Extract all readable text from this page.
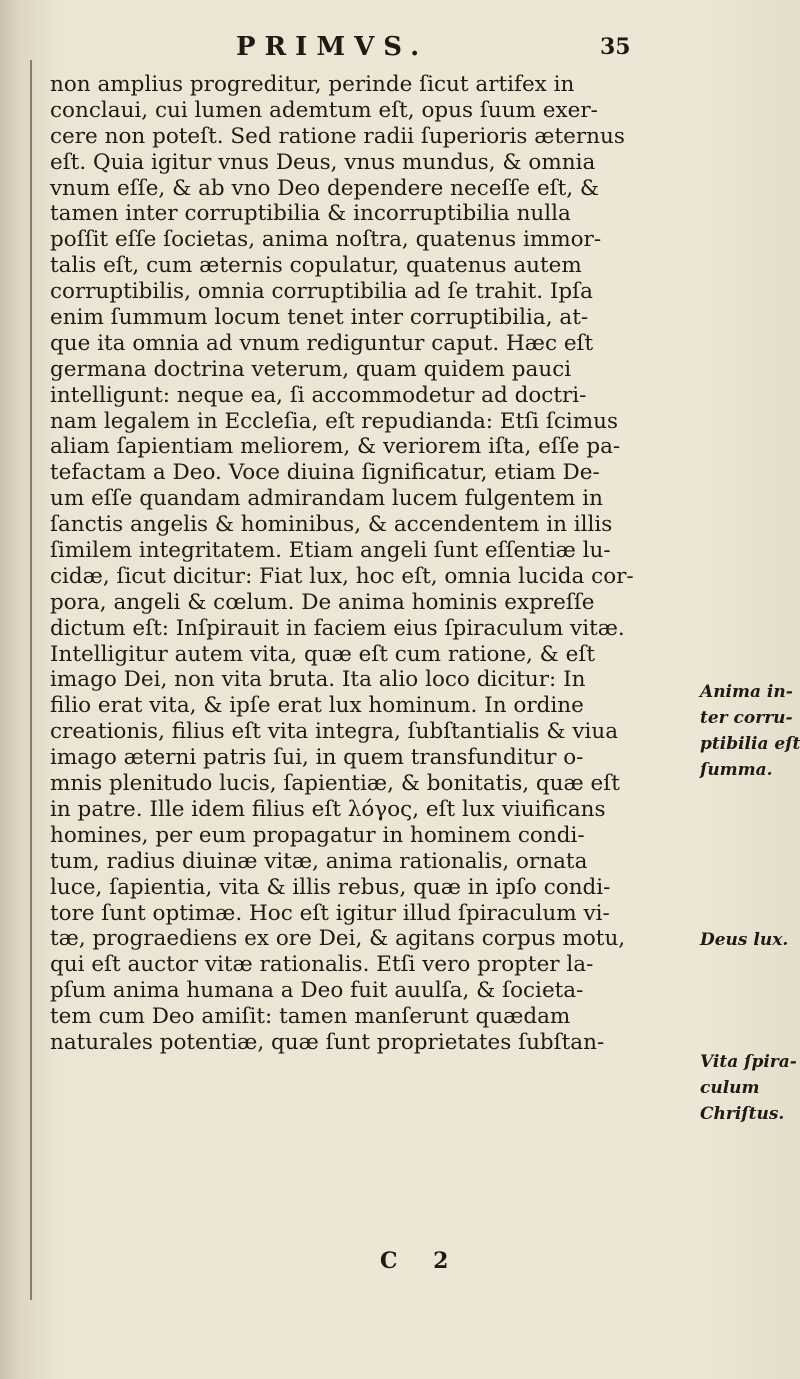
PRIMVS.	35
non amplius progreditur, perinde ſicut artifex in
conclaui, cui lumen ademtum eſt, opus ſuum exer-
cere non poteſt. Sed ratione radii ſuperioris æternus
eſt. Quia igitur vnus Deus, vnus mundus, & omnia
vnum eſſe, & ab vno Deo dependere neceſſe eſt, &
tamen inter corruptibilia & incorruptibilia nulla
poſſit eſſe ſocietas, anima noſtra, quatenus immor-
talis eſt, cum æternis copulatur, quatenus autem
corruptibilis, omnia corruptibilia ad ſe trahit. Ipſa
enim ſummum locum tenet inter corruptibilia, at-
que ita omnia ad vnum rediguntur caput. Hæc eſt
germana doctrina veterum, quam quidem pauci
intelligunt: neque ea, ſi accommodetur ad doctri-
nam legalem in Eccleſia, eſt repudianda: Etſi ſcimus
aliam ſapientiam meliorem, & veriorem iſta, eſſe pa-
tefactam a Deo. Voce diuina ſignificatur, etiam De-
um eſſe quandam admirandam lucem fulgentem in
ſanctis angelis & hominibus, & accendentem in illis
ſimilem integritatem. Etiam angeli ſunt eſſentiæ lu-
cidæ, ſicut dicitur: Fiat lux, hoc eſt, omnia lucida cor-
pora, angeli & cœlum. De anima hominis expreſſe
dictum eſt: Inſpirauit in faciem eius ſpiraculum vitæ.
Intelligitur autem vita, quæ eſt cum ratione, & eſt
imago Dei, non vita bruta. Ita alio loco dicitur: In
filio erat vita, & ipſe erat lux hominum. In ordine
creationis, filius eſt vita integra, ſubſtantialis & viua
imago æterni patris ſui, in quem transfunditur o-
mnis plenitudo lucis, ſapientiæ, & bonitatis, quæ eſt
in patre. Ille idem filius eſt λόγος, eſt lux viuificans
homines, per eum propagatur in hominem condi-
tum, radius diuinæ vitæ, anima rationalis, ornata
luce, ſapientia, vita & illis rebus, quæ in ipſo condi-
tore ſunt optimæ. Hoc eſt igitur illud ſpiraculum vi-
tæ, prograediens ex ore Dei, & agitans corpus motu,
qui eſt auctor vitæ rationalis. Etſi vero propter la-
pſum anima humana a Deo fuit auulſa, & ſocieta-
tem cum Deo amiſit: tamen manſerunt quædam
naturales potentiæ, quæ ſunt proprietates ſubſtan-
Anima in-
ter corru-
ptibilia eſt
ſumma.
Deus lux.
Vita ſpira-
culum
Chriſtus.
C 2
